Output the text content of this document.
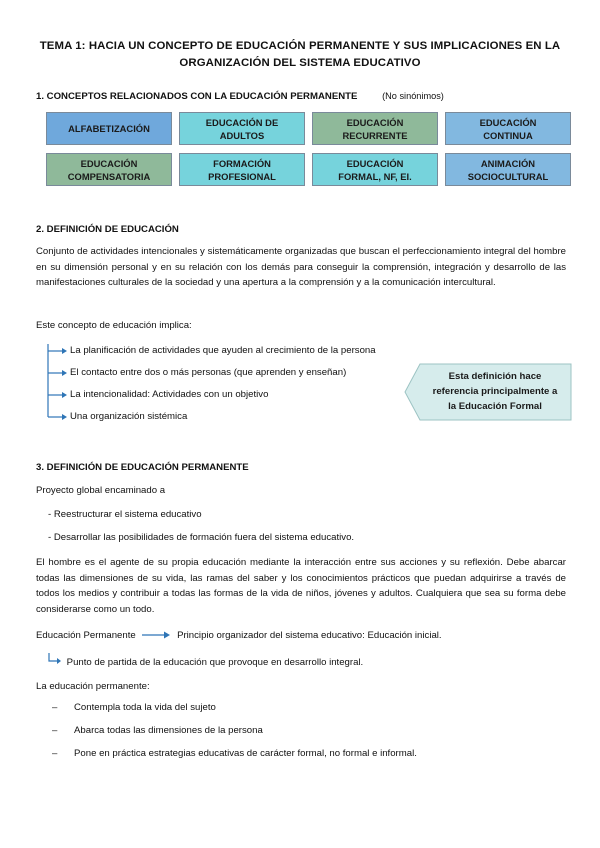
TEMA 1: HACIA UN CONCEPTO DE EDUCACIÓN PERMANENTE Y SUS IMPLICACIONES EN LA
ORGANIZACIÓN DEL SISTEMA EDUCATIVO
1. CONCEPTOS RELACIONADOS CON LA EDUCACIÓN PERMANENTE	(No sinónimos)
ALFABETIZACIÓN
EDUCACIÓN DE
ADULTOS
EDUCACIÓN
RECURRENTE
EDUCACIÓN
CONTINUA
EDUCACIÓN
COMPENSATORIA
FORMACIÓN
PROFESIONAL
EDUCACIÓN
FORMAL, NF, EI.
ANIMACIÓN
SOCIOCULTURAL
2. DEFINICIÓN DE EDUCACIÓN
Conjunto de actividades intencionales y sistemáticamente organizadas que buscan el perfeccionamiento integral del hombre en su dimensión personal y en su relación con los demás para conseguir la comprensión, integración y desarrollo de las manifestaciones culturales de la sociedad y una apertura a la comprensión y a la comunicación intercultural.
Este concepto de educación implica:
La planificación de actividades que ayuden al crecimiento de la persona
El contacto entre dos o más personas (que aprenden y enseñan)
La intencionalidad: Actividades con un objetivo
Una organización sistémica
Esta definición hace
referencia principalmente a
la Educación Formal
3. DEFINICIÓN DE EDUCACIÓN PERMANENTE
Proyecto global encaminado a
- Reestructurar el sistema educativo
- Desarrollar las posibilidades de formación fuera del sistema educativo.
El hombre es el agente de su propia educación mediante la interacción entre sus acciones y su reflexión. Debe abarcar todas las dimensiones de su vida, las ramas del saber y los conocimientos prácticos que puedan adquirirse a través de todos los medios y contribuir a todas las formas de la vida de niños, jóvenes y adultos. Cualquiera que sea su forma debe considerarse como un todo.
Educación Permanente	Principio organizador del sistema educativo: Educación inicial.
Punto de partida de la educación que provoque en desarrollo integral.
La educación permanente:
– Contempla toda la vida del sujeto
– Abarca todas las dimensiones de la persona
– Pone en práctica estrategias educativas de carácter formal, no formal e informal.
